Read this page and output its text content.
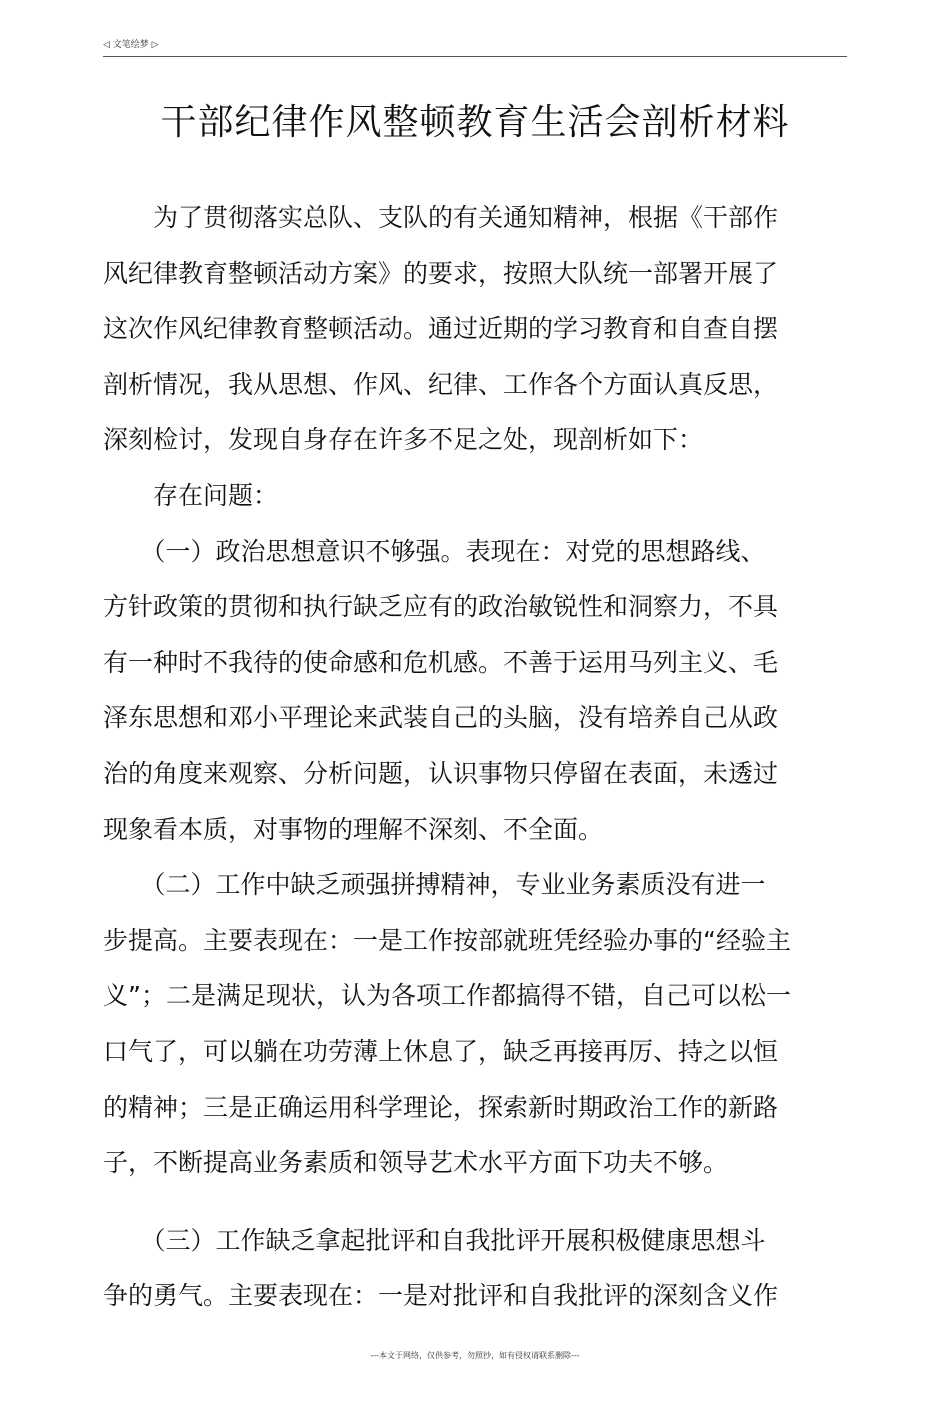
◁ 文笔绘梦 ▷
干部纪律作风整顿教育生活会剖析材料

　　为了贯彻落实总队、支队的有关通知精神，根据《干部作
风纪律教育整顿活动方案》的要求，按照大队统一部署开展了
这次作风纪律教育整顿活动。通过近期的学习教育和自查自摆
剖析情况，我从思想、作风、纪律、工作各个方面认真反思，
深刻检讨，发现自身存在许多不足之处，现剖析如下：

　　存在问题：

　　（一）政治思想意识不够强。表现在：对党的思想路线、
方针政策的贯彻和执行缺乏应有的政治敏锐性和洞察力，不具
有一种时不我待的使命感和危机感。不善于运用马列主义、毛
泽东思想和邓小平理论来武装自己的头脑，没有培养自己从政
治的角度来观察、分析问题，认识事物只停留在表面，未透过
现象看本质，对事物的理解不深刻、不全面。

　　（二）工作中缺乏顽强拼搏精神，专业业务素质没有进一
步提高。主要表现在：一是工作按部就班凭经验办事的“经验主
义”；二是满足现状，认为各项工作都搞得不错，自己可以松一
口气了，可以躺在功劳薄上休息了，缺乏再接再厉、持之以恒
的精神；三是正确运用科学理论，探索新时期政治工作的新路
子，不断提高业务素质和领导艺术水平方面下功夫不够。

　　（三）工作缺乏拿起批评和自我批评开展积极健康思想斗
争的勇气。主要表现在：一是对批评和自我批评的深刻含义作

---本文于网络，仅供参考，勿照抄，如有侵权请联系删除---
